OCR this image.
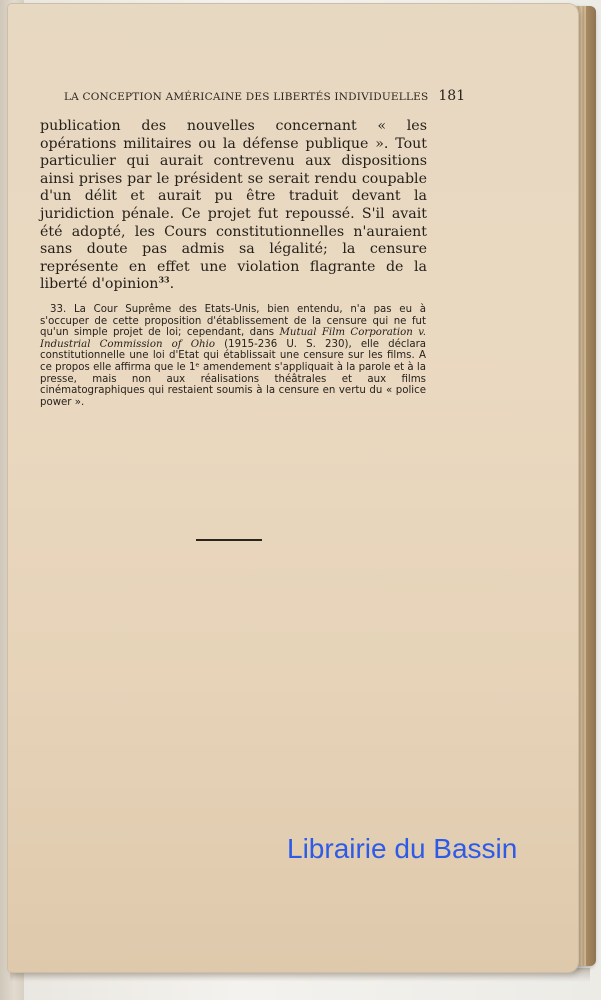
LA CONCEPTION AMÉRICAINE DES LIBERTÉS INDIVIDUELLES 181
publication des nouvelles concernant « les opérations militaires ou la défense publique ». Tout particulier qui aurait contrevenu aux dispositions ainsi prises par le président se serait rendu coupable d'un délit et aurait pu être traduit devant la juridiction pénale. Ce projet fut repoussé. S'il avait été adopté, les Cours constitutionnelles n'auraient sans doute pas admis sa légalité; la censure représente en effet une violation flagrante de la liberté d'opinion$^{33}$.
33. La Cour Suprême des Etats-Unis, bien entendu, n'a pas eu à s'occuper de cette proposition d'établissement de la censure qui ne fut qu'un simple projet de loi; cependant, dans Mutual Film Corporation v. Industrial Commission of Ohio (1915-236 U. S. 230), elle déclara constitutionnelle une loi d'Etat qui établissait une censure sur les films. A ce propos elle affirma que le 1ᵉ amendement s'appliquait à la parole et à la presse, mais non aux réalisations théâtrales et aux films cinématographiques qui restaient soumis à la censure en vertu du « police power ».
Librairie du Bassin
